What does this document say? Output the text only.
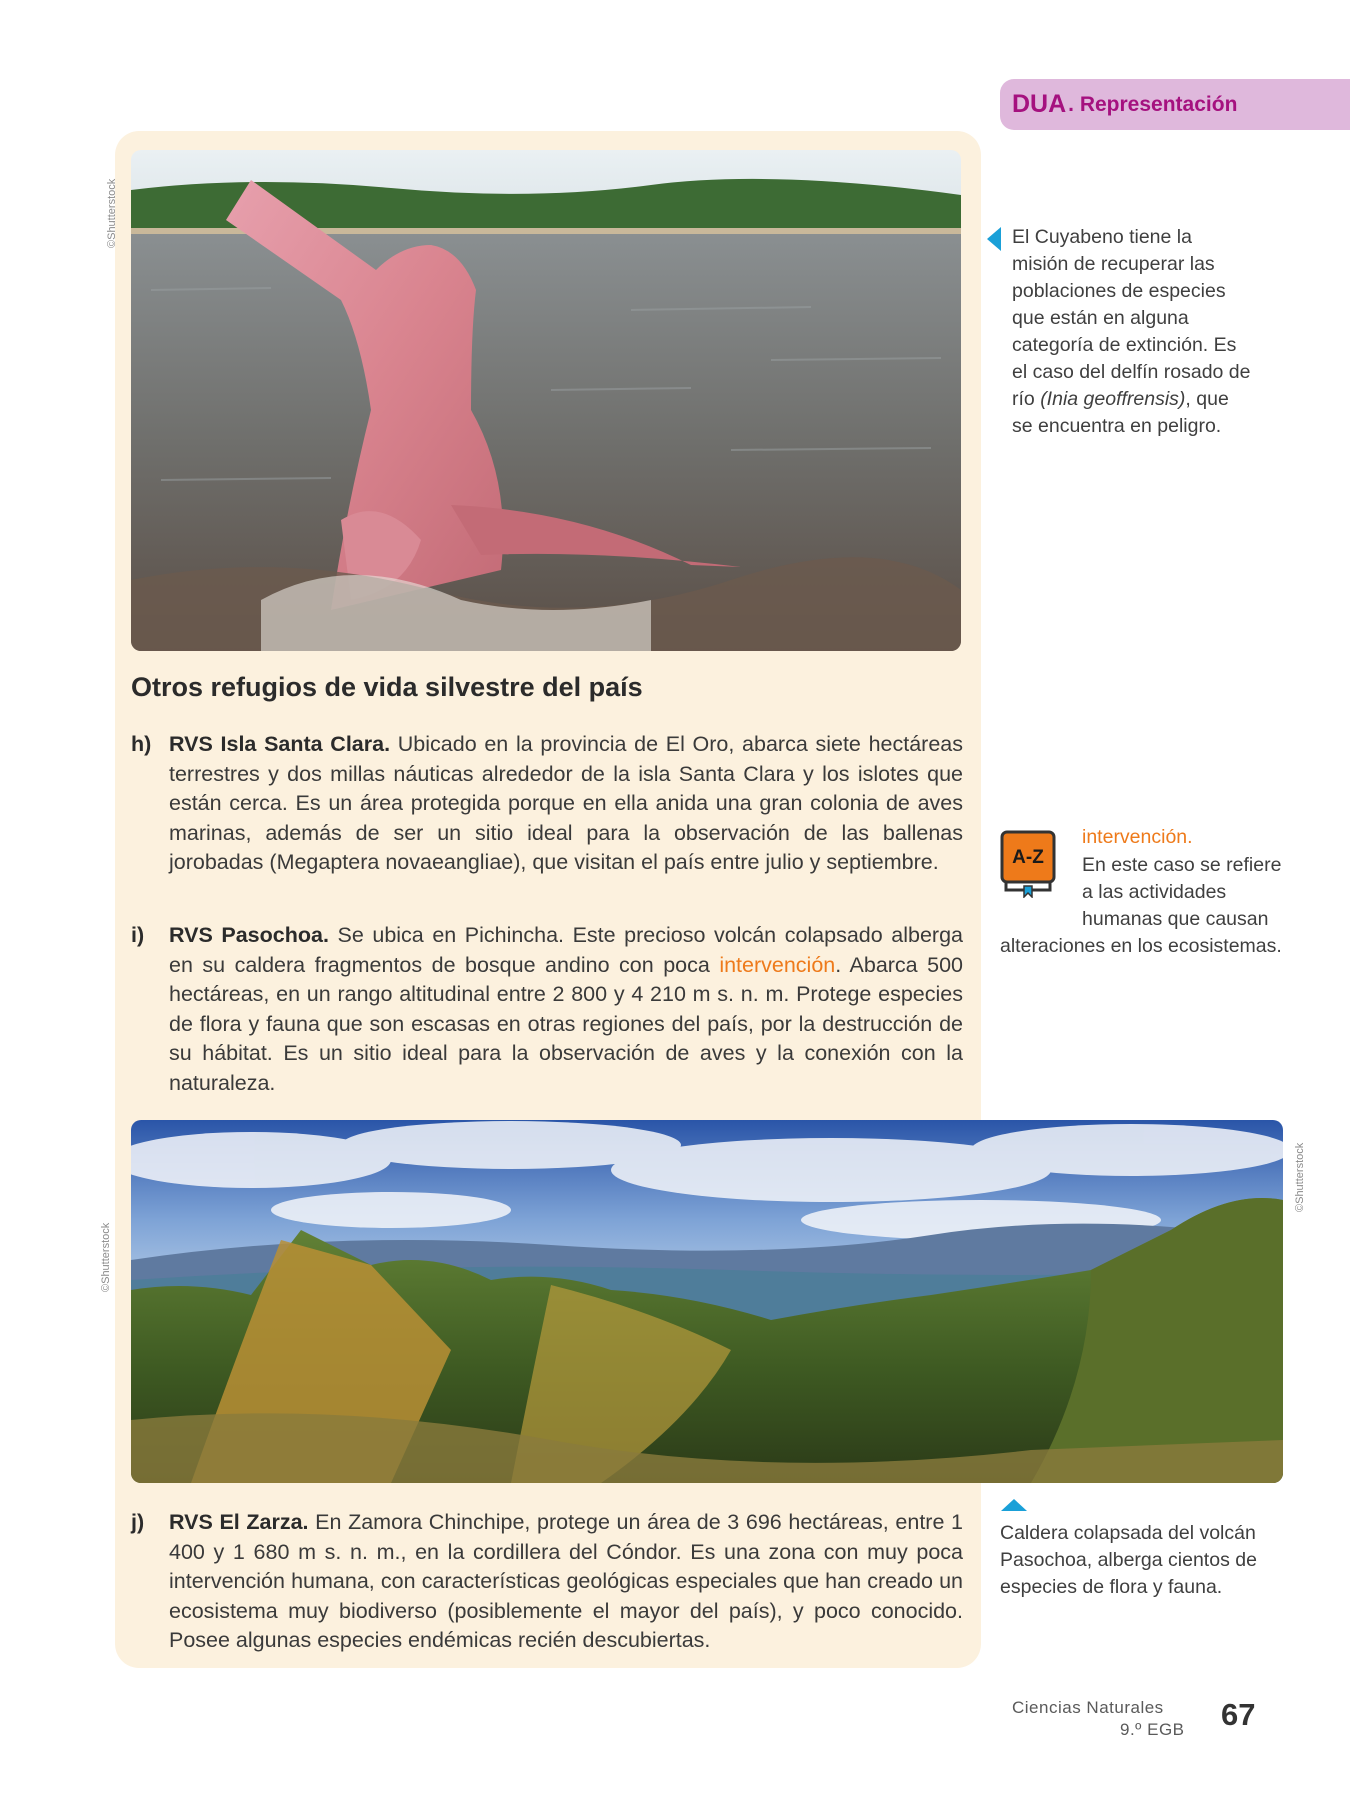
DUA . Representación
©Shutterstock
Otros refugios de vida silvestre del país
h) RVS Isla Santa Clara. Ubicado en la provincia de El Oro, abarca siete hectáreas terrestres y dos millas náuticas alrededor de la isla Santa Clara y los islotes que están cerca. Es un área protegida porque en ella anida una gran colonia de aves marinas, además de ser un sitio ideal para la observación de las ballenas jorobadas (Megaptera novaeangliae), que visitan el país entre julio y septiembre.
i) RVS Pasochoa. Se ubica en Pichincha. Este precioso volcán colapsado alberga en su caldera fragmentos de bosque andino con poca intervención. Abarca 500 hectáreas, en un rango altitudinal entre 2 800 y 4 210 m s. n. m. Protege especies de flora y fauna que son escasas en otras regiones del país, por la destrucción de su hábitat. Es un sitio ideal para la observación de aves y la conexión con la naturaleza.
©Shutterstock
©Shutterstock
j) RVS El Zarza. En Zamora Chinchipe, protege un área de 3 696 hectáreas, entre 1 400 y 1 680 m s. n. m., en la cordillera del Cóndor. Es una zona con muy poca intervención humana, con características geológicas especiales que han creado un ecosistema muy biodiverso (posiblemente el mayor del país), y poco conocido. Posee algunas especies endémicas recién descubiertas.
El Cuyabeno tiene la misión de recuperar las poblaciones de especies que están en alguna categoría de extinción. Es el caso del delfín rosado de río (Inia geoffrensis), que se encuentra en peligro.
A-Z
intervención.
En este caso se refiere a las actividades humanas que causan
alteraciones en los ecosistemas.
Caldera colapsada del volcán Pasochoa, alberga cientos de especies de flora y fauna.
Ciencias Naturales
9.º EGB 67
